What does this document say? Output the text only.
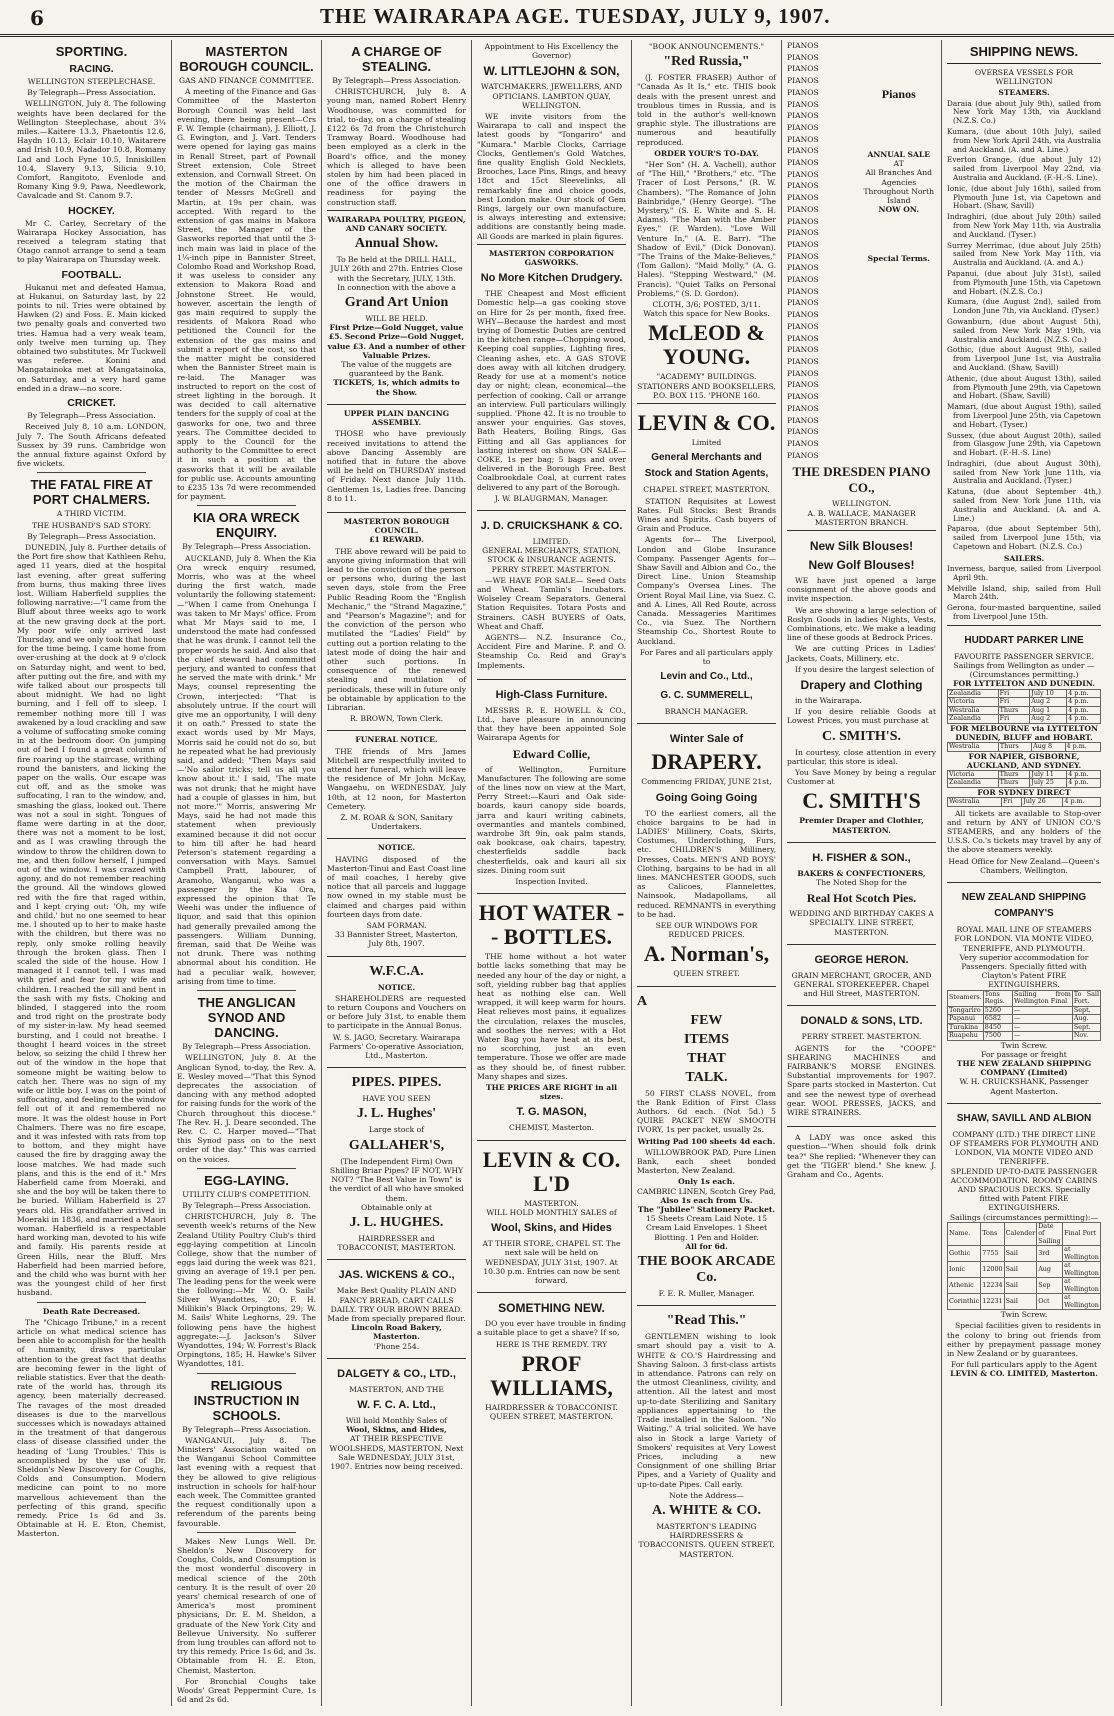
6	THE WAIRARAPA AGE. TUESDAY, JULY 9, 1907.
SPORTING.
RACING.
WELLINGTON STEEPLECHASE.
By Telegraph—Press Association.
WELLINGTON, July 8. The following weights have been declared for the Wellington Steeplechase, about 3¼ miles.—Kaitere 13.3, Phaetontis 12.6, Haydn 10.13, Eclair 10.10, Waitarere and Irish 10.9, Nadador 10.8, Romany Lad and Loch Fyne 10.5, Inniskillen 10.4, Slavery 9.13, Silicia 9.10, Comfort, Rangitoto, Evenlode and Romany King 9.9, Pawa, Needlework, Cavalcade and St. Canom 9.7.
HOCKEY.
Mr C. Carley, Secretary of the Wairarapa Hockey Association, has received a telegram stating that Otago cannot arrange to send a team to play Wairarapa on Thursday week.
FOOTBALL.
Hukanui met and defeated Hamua, at Hukanui, on Saturday last, by 22 points to nil. Tries were obtained by Hawken (2) and Foss. E. Main kicked two penalty goals and converted two tries. Hamua had a very weak team, only twelve men turning up. They obtained two substitutes. Mr Tuckwell was referee. Konini and Mangatainoka met at Mangatainoka, on Saturday, and a very hard game ended in a draw—no score.
CRICKET.
By Telegraph—Press Association.
Received July 8, 10 a.m. LONDON, July 7. The South Africans defeated Sussex by 39 runs. Cambridge won the annual fixture against Oxford by five wickets.
THE FATAL FIRE AT PORT CHALMERS.
A THIRD VICTIM.
THE HUSBAND'S SAD STORY.
By Telegraph—Press Association.
DUNEDIN, July 8. Further details of the Port fire show that Kathleen Rehu, aged 11 years, died at the hospital last evening, after great suffering from burns, thus making three lives lost. William Haberfield supplies the following narrative:—"I came from the Bluff about three weeks ago to work at the new graving dock at the port. My poor wife only arrived last Thursday, and we only took that house for the time being. I came home from over-crushing at the dock at 9 o'clock on Saturday night, and went to bed, after putting out the fire, and with my wife talked about our prospects till about midnight. We had no light burning, and I fell off to sleep. I remember nothing more till I was awakened by a loud crackling and saw a volume of suffocating smoke coming in at the bedroom door. On jumping out of bed I found a great column of fire roaring up the staircase, writhing round the banisters, and licking the paper on the walls. Our escape was cut off, and as the smoke was suffocating, I ran to the window, and, smashing the glass, looked out. There was not a soul in sight. Tongues of flame were darting in at the door, there was not a moment to be lost, and as I was crawling through the window to throw the children down to me, and then follow herself, I jumped out of the window. I was crazed with agony, and do not remember reaching the ground. All the windows glowed red with the fire that raged within, and I kept crying out: 'Oh, my wife and child,' but no one seemed to hear me. I shouted up to her to make haste with the children, but there was no reply, only smoke rolling heavily through the broken glass. Then I scaled the side of the house. How I managed it I cannot tell. I was mad with grief and fear for my wife and children. I reached the sill and bent in the sash with my fists. Choking and blinded, I staggered into the room and trod right on the prostrate body of my sister-in-law. My head seemed bursting, and I could not breathe. I thought I heard voices in the street below, so seizing the child I threw her out of the window in the hope that someone might be waiting below to catch her. There was no sign of my wife or little boy. I was on the point of suffocating, and feeling to the window fell out of it and remembered no more. It was the oldest house in Port Chalmers. There was no fire escape, and it was infested with rats from top to bottom, and they might have caused the fire by dragging away the loose matches. We had made such plans, and this is the end of it." Mrs Haberfield came from Moeraki, and she and the boy will be taken there to be buried. William Haberfield is 27 years old. His grandfather arrived in Moeraki in 1836, and married a Maori woman. Haberfield is a respectable hard working man, devoted to his wife and family. His parents reside at Green Hills, near the Bluff. Mrs Haberfield had been married before, and the child who was burnt with her was the youngest child of her first husband.
Death Rate Decreased.
The "Chicago Tribune," in a recent article on what medical science has been able to accomplish for the health of humanity, draws particular attention to the great fact that deaths are becoming fewer in the light of reliable statistics. Ever that the death-rate of the world has, through its agency, been materially decreased. The ravages of the most dreaded diseases is due to the marvellous successes which is nowadays attained in the treatment of that dangerous class of disease classified under the heading of 'Lung Troubles.' This is accomplished by the use of Dr. Sheldon's New Discovery for Coughs, Colds and Consumption. Modern medicine can point to no more marvellous achievement than the perfecting of this grand, specific remedy. Price 1s 6d and 3s. Obtainable at H. E. Eton, Chemist, Masterton.
MASTERTON BOROUGH COUNCIL.
GAS AND FINANCE COMMITTEE.
A meeting of the Finance and Gas Committee of the Masterton Borough Council was held last evening, there being present—Crs F. W. Temple (chairman), J. Elliott, J. G. Ewington, and J. Vart. Tenders were opened for laying gas mains in Renall Street, part of Pownall Street extension, Cole Street extension, and Cornwall Street. On the motion of the Chairman the tender of Messrs McGrell and Martin, at 19s per chain, was accepted. With regard to the extension of gas mains in Makora Street, the Manager of the Gasworks reported that until the 3-inch main was laid in place of the 1¼-inch pipe in Bannister Street, Colombo Road and Workshop Road, it was useless to consider any extension to Makora Road and Johnstone Street. He would, however, ascertain the length of gas main required to supply the residents of Makora Road who petitioned the Council for the extension of the gas mains and submit a report of the cost, so that the matter might be considered when the Bannister Street main is re-laid. The Manager was instructed to report on the cost of street lighting in the borough. It was decided to call alternative tenders for the supply of coal at the gasworks for one, two and three years. The Committee decided to apply to the Council for the authority to the Committee to erect it in such a position at the gasworks that it will be available for public use. Accounts amounting to £235 13s 7d were recommended for payment.
KIA ORA WRECK ENQUIRY.
By Telegraph—Press Association.
AUCKLAND, July 8. When the Kia Ora wreck enquiry resumed, Morris, who was at the wheel during the first watch, made voluntarily the following statement:—"When I came from Onehunga I was taken to Mr Mays' office. From what Mr Mays said to me, I understood the mate had confessed that he was drunk. I cannot tell the proper words he said. And also that the chief steward had committed perjury, and wanted to confess that he served the mate with drink." Mr Mays, counsel representing the Crown, interjected: "That is absolutely untrue. If the court will give me an opportunity, I will deny it on oath." Pressed to state the exact words used by Mr Mays, Morris said he could not do so, but he repeated what he had previously said, and added: "Then Mays said—'No sailor tricks; tell us all you know about it.' I said, 'The mate was not drunk; that he might have had a couple of glasses in him, but not more.'" Morris, answering Mr Mays, said he had not made this statement when previously examined because it did not occur to him till after he had heard Peterson's statement regarding a conversation with Mays. Samuel Campbell Pratt, labourer, of Aramoho, Wanganui, who was a passenger by the Kia Ora, expressed the opinion that Te Weehi was under the influence of liquor, and said that this opinion had generally prevailed among the passengers. William Dunning, fireman, said that De Weihe was not drunk. There was nothing abnormal about his condition. He had a peculiar walk, however, arising from time to time.
THE ANGLICAN SYNOD AND DANCING.
By Telegraph—Press Association.
WELLINGTON, July 8. At the Anglican Synod, to-day, the Rev. A. E. Wesley moved—"That this Synod deprecates the association of dancing with any method adopted for raising funds for the work of the Church throughout this diocese." The Rev. H. J. Deare seconded. The Rev. C. C. Harper moved—"That this Synod pass on to the next order of the day." This was carried on the voices.
EGG-LAYING.
UTILITY CLUB'S COMPETITION.
By Telegraph—Press Association.
CHRISTCHURCH, July 8. The seventh week's returns of the New Zealand Utility Poultry Club's third egg-laying competition at Lincoln College, show that the number of eggs laid during the week was 821, giving an average of 19.1 per pen. The leading pens for the week were the following:—Mr W. O. Sails' Silver Wyandottes, 20; F. H. Millikin's Black Orpingtons, 29; W. M. Sails' White Leghorns, 29. The following pens have the highest aggregate:—J. Jackson's Silver Wyandottes, 194; W. Forrest's Black Orpingtons, 185; H. Hawke's Silver Wyandottes, 181.
RELIGIOUS INSTRUCTION IN SCHOOLS.
By Telegraph—Press Association.
WANGANUI, July 8. The Ministers' Association waited on the Wanganui School Committee last evening with a request that they be allowed to give religious instruction in schools for half-hour each week. The Committee granted the request conditionally upon a referendum of the parents being favourable.
Makes New Lungs Well. Dr. Sheldon's New Discovery for Coughs, Colds, and Consumption is the most wonderful discovery in medical science of the 20th century. It is the result of over 20 years' chemical research of one of America's most prominent physicians, Dr. E. M. Sheldon, a graduate of the New York City and Bellevue University. No sufferer from lung troubles can afford not to try this remedy. Price 1s 6d, and 3s. Obtainable from H. E. Eton, Chemist, Masterton.
For Bronchial Coughs take Woods' Great Peppermint Cure, 1s 6d and 2s 6d.
A CHARGE OF STEALING.
By Telegraph—Press Association.
CHRISTCHURCH, July 8. A young man, named Robert Henry Woodhouse, was committed for trial, to-day, on a charge of stealing £122 6s 7d from the Christchurch Tramway Board. Woodhouse had been employed as a clerk in the Board's office, and the money which is alleged to have been stolen by him had been placed in one of the office drawers in readiness for paying the construction staff.
WAIRARAPA POULTRY, PIGEON, AND CANARY SOCIETY.
Annual Show.
To Be held at the DRILL HALL, JULY 26th and 27th. Entries Close with the Secretary, JULY, 13th.
In connection with the above a
Grand Art Union
WILL BE HELD.
First Prize—Gold Nugget, value £5. Second Prize—Gold Nugget, value £3. And a number of other Valuable Prizes.
The value of the nuggets are guaranteed by the Bank.
TICKETS, 1s, which admits to the Show.
UPPER PLAIN DANCING ASSEMBLY.
THOSE who have previously received invitations to attend the above Dancing Assembly are notified that in future the above will be held on THURSDAY instead of Friday. Next dance July 11th. Gentlemen 1s, Ladies free. Dancing 8 to 11.
MASTERTON BOROUGH COUNCIL.
£1 REWARD.
THE above reward will be paid to anyone giving information that will lead to the conviction of the person or persons who, during the last seven days, stole from the Free Public Reading Room the "English Mechanic," the "Strand Magazine," and "Pearson's Magazine"; and for the conviction of the person who mutilated the "Ladies' Field" by cutting out a portion relating to the latest mode of doing the hair and other such portions. In consequence of the renewed stealing and mutilation of periodicals, these will in future only be obtainable by application to the Librarian.
R. BROWN, Town Clerk.
FUNERAL NOTICE.
THE friends of Mrs James Mitchell are respectfully invited to attend her funeral, which will leave the residence of Mr John McKay, Wangaehu, on WEDNESDAY, July 10th, at 12 noon, for Masterton Cemetery.
Z. M. ROAR & SON, Sanitary Undertakers.
NOTICE.
HAVING disposed of the Masterton-Tinui and East Coast line of mail coaches, I hereby give notice that all parcels and luggage now owned in my stable must be claimed and charges paid within fourteen days from date.
SAM FORMAN.
33 Bannister Street, Masterton, July 8th, 1907.
W.F.C.A.
NOTICE.
SHAREHOLDERS are requested to return Coupons and Vouchers on or before July 31st, to enable them to participate in the Annual Bonus.
W. S. JAGO, Secretary. Wairarapa Farmers' Co-operative Association, Ltd., Masterton.
PIPES. PIPES.
HAVE YOU SEEN
J. L. Hughes'
Large stock of
GALLAHER'S,
(The Independent Firm) Own Shilling Briar Pipes? IF NOT, WHY NOT? "The Best Value in Town" is the verdict of all who have smoked them.
Obtainable only at
J. L. HUGHES.
HAIRDRESSER and TOBACCONIST, MASTERTON.
JAS. WICKENS & CO.,
Make Best Quality PLAIN AND FANCY BREAD, CART CALLS DAILY. TRY OUR BROWN BREAD. Made from specially prepared flour.
Lincoln Road Bakery, Masterton.
'Phone 254.
DALGETY & CO., LTD.,
MASTERTON, AND THE
W. F. C. A. Ltd.,
Will hold Monthly Sales of
Wool, Skins, and Hides,
AT THEIR RESPECTIVE WOOLSHEDS, MASTERTON, Next Sale WEDNESDAY, JULY 31st, 1907. Entries now being received.
Appointment to His Excellency the Governor)
W. LITTLEJOHN & SON,
WATCHMAKERS, JEWELLERS, AND OPTICIANS. LAMBTON QUAY, WELLINGTON.
WE invite visitors from the Wairarapa to call and inspect the latest goods by "Tongariro" and "Kumara." Marble Clocks, Carriage Clocks, Gentlemen's Gold Watches, fine quality English Gold Necklets, Brooches, Lace Pins, Rings, and heavy 18ct and 15ct Sleevelinks, all remarkably fine and choice goods, best London make. Our stock of Gem Rings, largely our own manufacture, is always interesting and extensive; additions are constantly being made. All Goods are marked in plain figures.
MASTERTON CORPORATION GASWORKS.
No More Kitchen Drudgery.
THE Cheapest and Most efficient Domestic help—a gas cooking stove on Hire for 2s per month, fixed free. WHY—Because the hardest and most trying of Domestic Duties are centred in the kitchen range—Chopping wood, Keeping coal supplies, Lighting fires, Cleaning ashes, etc. A GAS STOVE does away with all kitchen drudgery. Ready for use at a moment's notice day or night; clean, economical—the perfection of cooking. Call or arrange an interview. Full particulars willingly supplied. 'Phone 42. It is no trouble to answer your enquiries. Gas stoves, Bath Heaters, Boiling Rings, Gas Fitting and all Gas appliances for lasting interest on show. ON SALE—COKE, 1s per bag; 5 bags and over delivered in the Borough Free. Best Coalbrookdale Coal, at current rates delivered to any part of the Borough.
J. W. BLAUGRMAN, Manager.
J. D. CRUICKSHANK & CO.
LIMITED.
GENERAL MERCHANTS, STATION, STOCK & INSURANCE AGENTS.
PERRY STREET. MASTERTON.
—WE HAVE FOR SALE— Seed Oats and Wheat. Tamlin's Incubators. Wolseley Cream Separators. General Station Requisites. Totara Posts and Strainers. CASH BUYERS of Oats, Wheat and Chaff.
AGENTS— N.Z. Insurance Co., Accident Fire and Marine. P. and O. Steamship Co. Reid and Gray's Implements.
High-Class Furniture.
MESSRS R. E. HOWELL & CO., Ltd., have pleasure in announcing that they have been appointed Sole Wairarapa Agents for
Edward Collie,
of Wellington, Furniture Manufacturer. The following are some of the lines now on view at the Mart, Perry Street:—Kauri and Oak side-boards, kauri canopy side boards, jarra and kauri writing cabinets, overmantles and mantels combined, wardrobe 3ft 9in, oak palm stands, oak bookcase, oak chairs, tapestry, chesterfields saddle back chesterfields, oak and kauri all six sizes. Dining room suit
Inspection Invited.
HOT WATER - - BOTTLES.
THE home without a hot water bottle lacks something that may be needed any hour of the day or night, a soft, yielding rubber bag that applies heat as nothing else can. Well wrapped, it will keep warm for hours. Heat relieves most pains, it equalizes the circulation, relaxes the muscles, and soothes the nerves; with a Hot Water Bag you have heat at its best, no scorching, just an even temperature. Those we offer are made as they should be, of finest rubber. Many shapes and sizes.
THE PRICES ARE RIGHT in all sizes.
T. G. MASON,
CHEMIST, Masterton.
LEVIN & CO. L'D
MASTERTON.
WILL HOLD MONTHLY SALES of
Wool, Skins, and Hides
AT THEIR STORE, CHAPEL ST. The next sale will be held on WEDNESDAY, JULY 31st, 1907. At 10.30 p.m. Entries can now be sent forward.
SOMETHING NEW.
DO you ever have trouble in finding a suitable place to get a shave? If so,
HERE IS THE REMEDY. TRY
PROF WILLIAMS,
HAIRDRESSER & TOBACCONIST. QUEEN STREET, MASTERTON.
"BOOK ANNOUNCEMENTS."
"Red Russia,"
(J. FOSTER FRASER) Author of "Canada As It Is," etc. THIS book deals with the present unrest and troublous times in Russia, and is told in the author's well-known graphic style. The illustrations are numerous and beautifully reproduced.
ORDER YOUR'S TO-DAY.
"Her Son" (H. A. Vachell), author of "The Hill," "Brothers," etc. "The Tracer of Lost Persons," (R. W. Chambers). "The Romance of John Bainbridge," (Henry George). "The Mystery," (S. E. White and S. H. Adams). "The Man with the Amber Eyes," (F. Warden). "Love Will Venture In," (A. E. Barr). "The Shadow of Evil," (Dick Donovan). "The Trains of the Make-Believes," (Tom Gallon). "Maid Molly," (A. G. Hales). "Stepping Westward," (M. Francis). "Quiet Talks on Personal Problems," (S. D. Gordon).
CLOTH, 3/6; POSTED, 3/11.
Watch this space for New Books.
McLEOD & YOUNG.
"ACADEMY" BUILDINGS. STATIONERS AND BOOKSELLERS, P.O. BOX 115. 'PHONE 160.
LEVIN & CO.
Limited
General Merchants and Stock and Station Agents,
CHAPEL STREET, MASTERTON.
STATION Requisites at Lowest Rates. Full Stocks: Best Brands Wines and Spirits. Cash buyers of Grain and Produce.
Agents for— The Liverpool, London and Globe Insurance Company. Passenger Agents for— Shaw Savill and Albion and Co., the Direct Line. Union Steamship Company's Oversea Lines. The Orient Royal Mail Line, via Suez. C. and A. Lines, All Red Route, across Canada. Messageries Maritimes Co., via Suez. The Northern Steamship Co., Shortest Route to Auckland.
For Fares and all particulars apply to
Levin and Co., Ltd.,
G. C. SUMMERELL,
BRANCH MANAGER.
Winter Sale of
DRAPERY.
Commencing FRIDAY, JUNE 21st,
Going Going Going
TO the earliest comers, all the choice bargains to be had in LADIES' Millinery, Coats, Skirts, Costumes, Underclothing, Furs, etc. CHILDREN'S Millinery, Dresses, Coats. MEN'S AND BOYS' Clothing, bargains to be had in all lines. MANCHESTER GOODS, such as Calicoes, Flannelettes, Nainsook, Madapollams, all reduced. REMNANTS in everything to be had.
SEE OUR WINDOWS FOR REDUCED PRICES.
A. Norman's,
QUEEN STREET.
A
FEW
ITEMS
THAT
TALK.
50 FIRST CLASS NOVEL, from the Bank Edition of First Class Authors. 6d each. (Not 5d.) 5 QUIRE PACKET NEW SMOOTH IVORY, 1s per packet, usually 2s.
Writing Pad 100 sheets 4d each.
WILLOWBROOK PAD, Pure Linen Bank, each sheet bonded Masterton, New Zealand.
Only 1s each.
CAMBRIC LINEN, Scotch Grey Pad,
Also 1s each from Us.
The "Jubilee" Stationery Packet.
15 Sheets Cream Laid Note. 15 Cream Laid Envelopes. 1 Sheet Blotting. 1 Pen and Holder.
All for 6d.
THE BOOK ARCADE Co.
F. E. R. Muller, Manager.
"Read This."
GENTLEMEN wishing to look smart should pay a visit to A. WHITE & CO.'S Hairdressing and Shaving Saloon. 3 first-class artists in attendance. Patrons can rely on the utmost Cleanliness, civility, and attention. All the latest and most up-to-date Sterilizing and Sanitary appliances appertaining to the Trade installed in the Saloon. "No Waiting." A trial solicited. We have also in Stock a large Variety of Smokers' requisites at Very Lowest Prices, including a new Consignment of one shilling Briar Pipes, and a Variety of Quality and up-to-date Pipes. Call early.
Note the Address—
A. WHITE & CO.
MASTERTON'S LEADING HAIRDRESSERS & TOBACCONISTS. QUEEN STREET, MASTERTON.
PIANOS
PIANOS
PIANOS
PIANOS
PIANOS
PIANOS
PIANOS
PIANOS
PIANOS
PIANOS
PIANOS
PIANOS
PIANOS
PIANOS
PIANOS
PIANOS
PIANOS
PIANOS
PIANOS
PIANOS
PIANOS
PIANOS
PIANOS
PIANOS
PIANOS
PIANOS
PIANOS
PIANOS
PIANOS
PIANOS
PIANOS
PIANOS
PIANOS
PIANOS
PIANOS
PIANOS
Pianos
ANNUAL SALE
AT
All Branches And Agencies Throughout North Island
NOW ON.
Special Terms.
THE DRESDEN PIANO CO.,
WELLINGTON.
A. B. WALLACE, MANAGER MASTERTON BRANCH.
New Silk Blouses!
New Golf Blouses!
WE have just opened a large consignment of the above goods and invite inspection.
We are showing a large selection of Roslyn Goods in ladies Nights, Vests, Combinations, etc. We make a leading line of these goods at Bedrock Prices.
We are cutting Prices in Ladies' Jackets, Coats, Millinery, etc.
If you desire the largest selection of
Drapery and Clothing
in the Wairarapa.
If you desire reliable Goods at Lowest Prices, you must purchase at
C. SMITH'S.
In courtesy, close attention in every particular, this store is ideal.
You Save Money by being a regular Customer at
C. SMITH'S
Premier Draper and Clothier, MASTERTON.
H. FISHER & SON.,
BAKERS & CONFECTIONERS,
The Noted Shop for the
Real Hot Scotch Pies.
WEDDING AND BIRTHDAY CAKES A SPECIALTY. LINE STREET, MASTERTON.
GEORGE HERON.
GRAIN MERCHANT, GROCER, AND GENERAL STOREKEEPER. Chapel and Hill Street, MASTERTON.
DONALD & SONS, LTD.
PERRY STREET. MASTERTON.
AGENTS for the "COOPE" SHEARING MACHINES and FAIRBANK'S MORSE ENGINES. Substantial improvements for 1907. Spare parts stocked in Masterton. Cut and see the newest type of overhead gear. WOOL PRESSES, JACKS, and WIRE STRAINERS.
A LADY was once asked this question—"When should folk drink tea?" She replied: "Whenever they can get the 'TIGER' blend." She knew. J. Graham and Co., Agents.
SHIPPING NEWS.
OVERSEA VESSELS FOR WELLINGTON
STEAMERS.
Daraia (due about July 9th), sailed from New York May 13th, via Auckland (N.Z.S. Co.)
Kumara, (due about 10th July), sailed from New York April 24th, via Australia and Auckland. (A. and A. Line.)
Everton Grange, (due about July 12) sailed from Liverpool May 22nd, via Australia and Auckland. (F.-H.-S. Line).
Ionic, (due about July 16th), sailed from Plymouth June 1st, via Capetown and Hobart. (Shaw, Savill)
Indraghiri, (due about July 20th) sailed from New York May 11th, via Australia and Auckland. (Tyser.)
Surrey Merrimac, (due about July 25th) sailed from New York May 11th, via Australia and Auckland. (A. and A.)
Papanui, (due about July 31st), sailed from Plymouth June 15th, via Capetown and Hobart. (N.Z.S. Co.)
Kumara, (due August 2nd), sailed from London June 7th, via Auckland. (Tyser.)
Gowanburn, (due about August 5th), sailed from New York May 19th, via Australia and Auckland. (N.Z.S. Co.)
Gothic, (due about August 9th), sailed from Liverpool June 1st, via Australia and Auckland. (Shaw, Savill)
Athenic, (due about August 13th), sailed from Plymouth June 29th, via Capetown and Hobart. (Shaw, Savill)
Mamari, (due about August 19th), sailed from Liverpool June 25th, via Capetown and Hobart. (Tyser.)
Sussex, (due about August 20th), sailed from Glasgow June 29th, via Capetown and Hobart. (F.-H.-S. Line)
Indraghiri, (due about August 30th), sailed from New York June 11th, via Australia and Auckland. (Tyser.)
Katuna, (due about September 4th,) sailed from New York June 11th, via Australia and Auckland. (A. and A. Line.)
Paparoa, (due about September 5th), sailed from Liverpool June 15th, via Capetown and Hobart. (N.Z.S. Co.)
SAILERS.
Inverness, barque, sailed from Liverpool April 9th.
Melville Island, ship, sailed from Hull March 24th.
Gerona, four-masted barquentine, sailed from Liverpool June 15th.
HUDDART PARKER LINE
FAVOURITE PASSENGER SERVICE. Sailings from Wellington as under — (Circumstances permitting.)
FOR LYTTELTON AND DUNEDIN.
Zealandia	Fri	July 10	4 p.m.
Victoria	Fri	Aug 2	4 p.m.
Westralia	Thurs	Aug 1	4 p.m.
Zealandia	Fri	Aug 2	4 p.m.
FOR MELBOURNE via LYTTELTON DUNEDIN, BLUFF and HOBART.
Westralia	Thurs	Aug 8	4 p.m.
FOR NAPIER, GISBORNE, AUCKLAND, AND SYDNEY.
Victoria	Thurs	July 11	4 p.m.
Zealandia	Thurs	July 25	4 p.m.
FOR SYDNEY DIRECT
Westralia	Fri	July 26	4 p.m.
All tickets are available to Stop-over and return by ANY of UNION CO.'S STEAMERS, and any holders of the U.S.S. Co.'s tickets may travel by any of the above steamers weekly.
Head Office for New Zealand—Queen's Chambers, Wellington.
NEW ZEALAND SHIPPING COMPANY'S
ROYAL MAIL LINE OF STEAMERS FOR LONDON. VIA MONTE VIDEO, TENERIFFE, AND PLYMOUTH.
Very superior accommodation for Passengers. Specially fitted with Clayton's Patent FIRE EXTINGUISHERS.
Steamers.	Tons Regis.	Sailing from Wellington Final	To Sail Fort.
Tongariro	5260	—	Sept.
Papanui	6582	—	Aug.
Turakina	8450	—	Sept.
Ruapehu	7500	—	Nov.
Twin Screw.
For passage or freight
THE NEW ZEALAND SHIPPING COMPANY (Limited)
W. H. CRUICKSHANK, Passenger Agent Masterton.
SHAW, SAVILL AND ALBION
COMPANY (LTD.) THE DIRECT LINE OF STEAMERS FOR PLYMOUTH AND LONDON, VIA MONTE VIDEO AND TENERIFFE.
SPLENDID UP-TO-DATE PASSENGER ACCOMMODATION. ROOMY CABINS AND SPACIOUS DECKS. Specially fitted with Patent FIRE EXTINGUISHERS.
Sailings (circumstances permitting):—
Name.	Tons	Calender	Date of Sailing	Final Port
Gothic	7755	Sail	3rd	at Wellington
Ionic	12000	Sail	Aug	at Wellington
Athenic	12234	Sail	Sep	at Wellington
Corinthic	12231	Sail	Oct	at Wellington
Twin Screw.
Special facilities given to residents in the colony to bring out friends from either by prepayment passage money in New Zealand or by guarantees.
For full particulars apply to the Agent
LEVIN & CO. LIMITED, Masterton.
